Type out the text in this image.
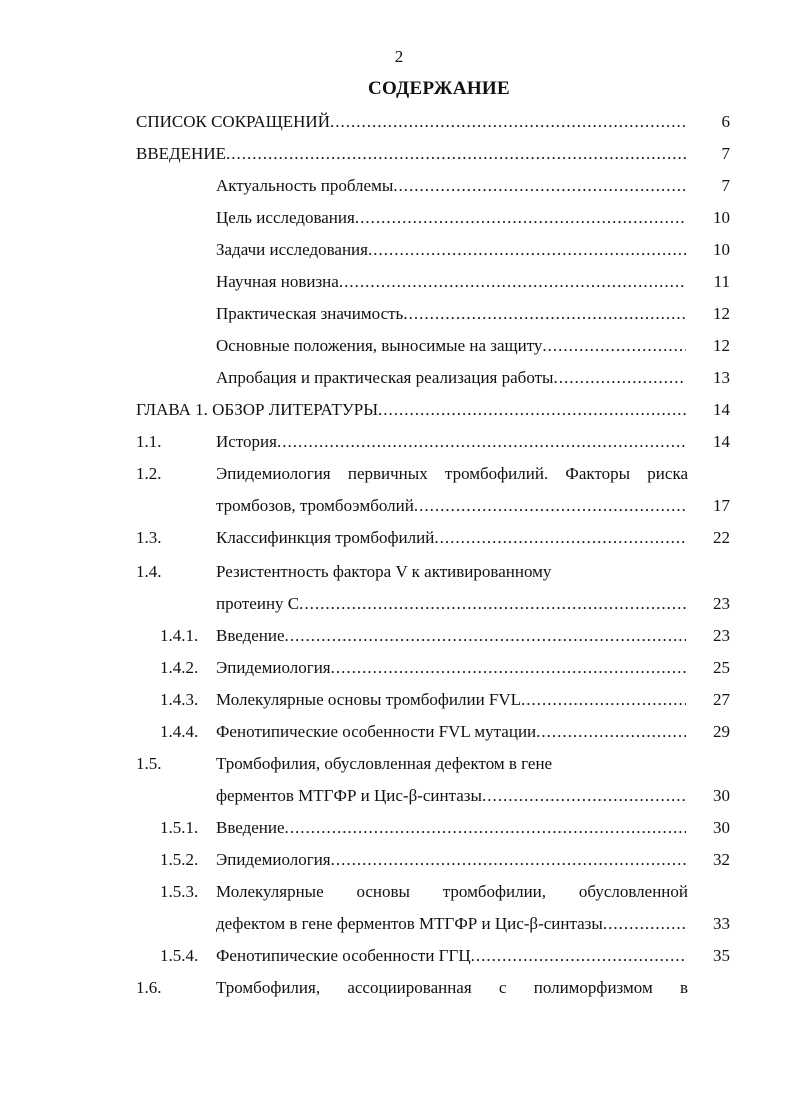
2
СОДЕРЖАНИЕ
СПИСОК СОКРАЩЕНИЙ .....	6
ВВЕДЕНИЕ .....	7
Актуальность проблемы .....	7
Цель исследования .....	10
Задачи исследования .....	10
Научная новизна .....	11
Практическая значимость .....	12
Основные положения, выносимые на защиту .....	12
Апробация и практическая реализация работы .....	13
ГЛАВА 1. ОБЗОР ЛИТЕРАТУРЫ .....	14
1.1.	История .....	14
1.2.	Эпидемиология первичных тромбофилий. Факторы риска
тромбозов, тромбоэмболий .....	17
1.3.	Классифинкция тромбофилий .....	22
1.4.	Резистентность фактора V к активированному
протеину С .....	23
1.4.1. Введение .....	23
1.4.2. Эпидемиология .....	25
1.4.3. Молекулярные основы тромбофилии FVL .....	27
1.4.4. Фенотипические особенности FVL мутации .....	29
1.5.	Тромбофилия, обусловленная дефектом в гене
ферментов МТГФР и Цис-β-синтазы .....	30
1.5.1. Введение .....	30
1.5.2. Эпидемиология .....	32
1.5.3. Молекулярные основы тромбофилии, обусловленной
дефектом в гене ферментов МТГФР и Цис-β-синтазы .....	33
1.5.4. Фенотипические особенности ГГЦ .....	35
1.6.	Тромбофилия, ассоциированная с полиморфизмом в
